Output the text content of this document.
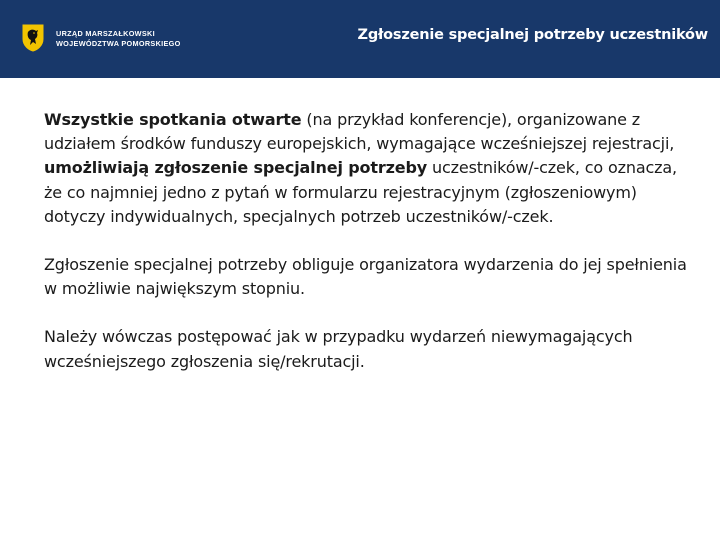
URZĄD MARSZAŁKOWSKI
WOJEWÓDZTWA POMORSKIEGO
Zgłoszenie specjalnej potrzeby uczestników

Wszystkie spotkania otwarte (na przykład konferencje), organizowane z udziałem środków funduszy europejskich, wymagające wcześniejszej rejestracji, umożliwiają zgłoszenie specjalnej potrzeby uczestników/-czek, co oznacza, że co najmniej jedno z pytań w formularzu rejestracyjnym (zgłoszeniowym) dotyczy indywidualnych, specjalnych potrzeb uczestników/-czek.

Zgłoszenie specjalnej potrzeby obliguje organizatora wydarzenia do jej spełnienia w możliwie największym stopniu.

Należy wówczas postępować jak w przypadku wydarzeń niewymagających wcześniejszego zgłoszenia się/rekrutacji.
